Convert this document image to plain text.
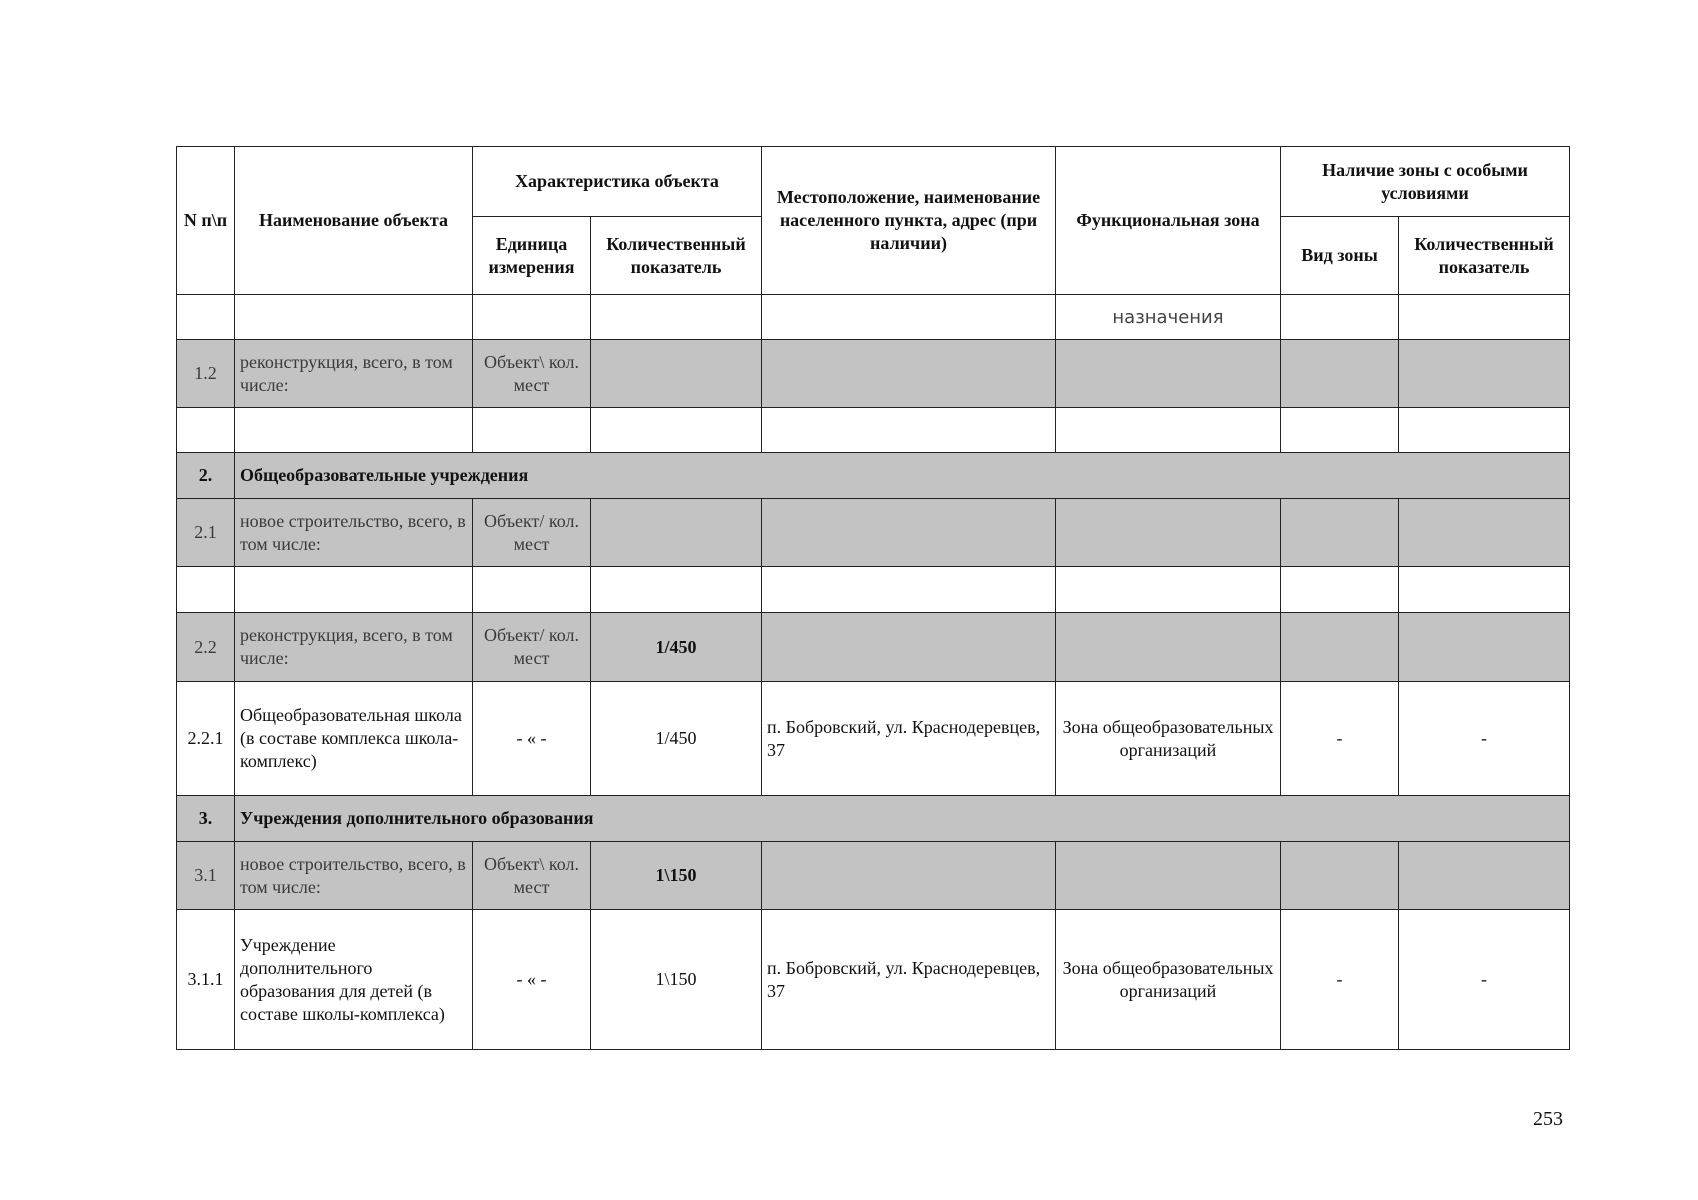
N п\п	Наименование объекта	Характеристика объекта		Местоположение, наименование населенного пункта, адрес (при наличии)	Функциональная зона	Наличие зоны с особыми условиями	
		Единица измерения	Количественный показатель			Вид зоны	Количественный показатель
					назначения		
1.2	реконструкция, всего, в том числе:	Объект\ кол. мест					

2.	Общеобразовательные учреждения						
2.1	новое строительство, всего, в том числе:	Объект/ кол. мест					

2.2	реконструкция, всего, в том числе:	Объект/ кол. мест	1/450				
2.2.1	Общеобразовательная школа (в составе комплекса школа-комплекс)	- « -	1/450	п. Бобровский, ул. Краснодеревцев, 37	Зона общеобразовательных организаций	-	-
3.	Учреждения дополнительного образования						
3.1	новое строительство, всего, в том числе:	Объект\ кол. мест	1\150				
3.1.1	Учреждение дополнительного образования для детей (в составе школы-комплекса)	- « -	1\150	п. Бобровский, ул. Краснодеревцев, 37	Зона общеобразовательных организаций	-	-
253
